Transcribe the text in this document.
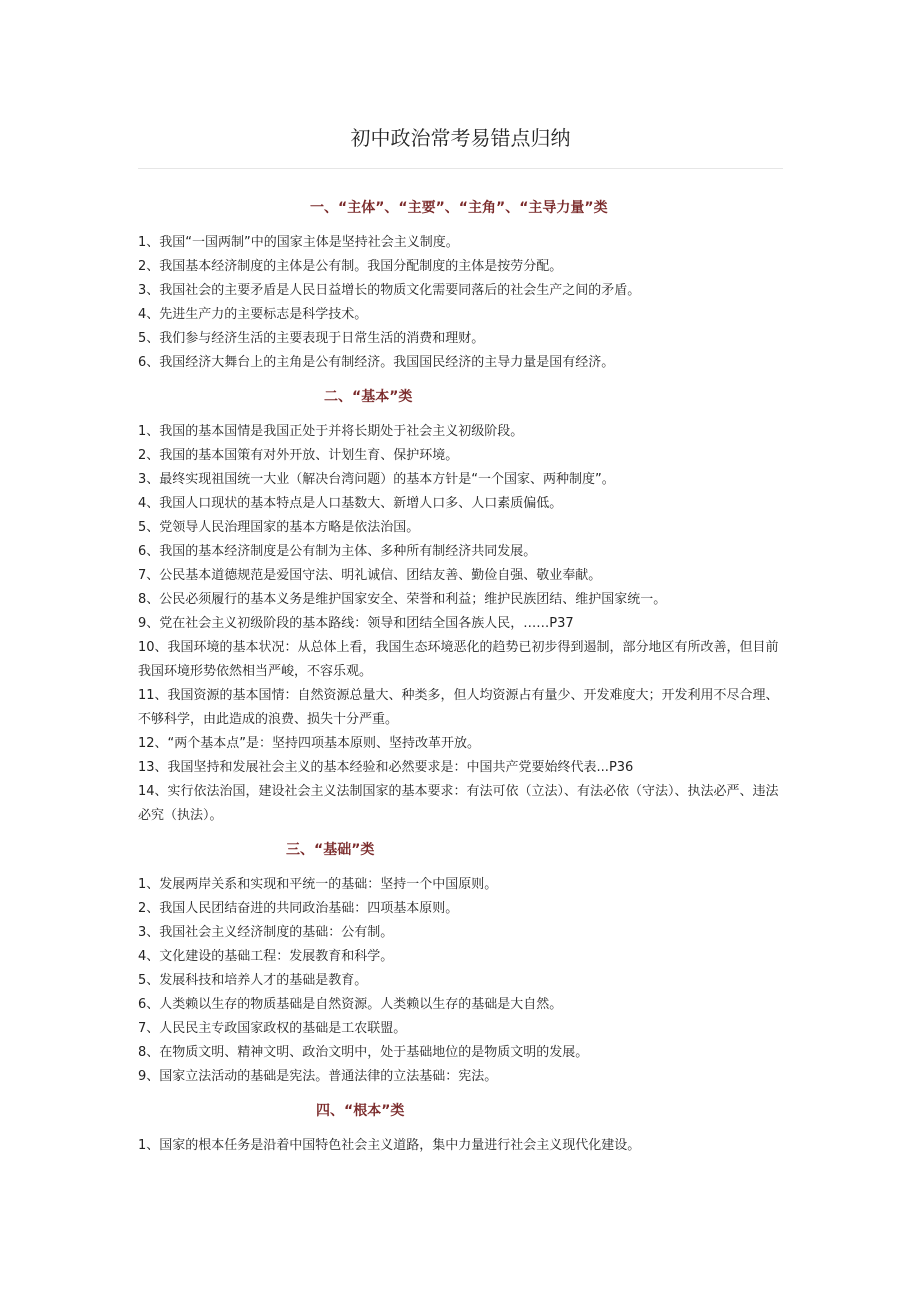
初中政治常考易错点归纳
一、“主体”、“主要”、“主角”、“主导力量”类
1、我国“一国两制”中的国家主体是坚持社会主义制度。
2、我国基本经济制度的主体是公有制。我国分配制度的主体是按劳分配。
3、我国社会的主要矛盾是人民日益增长的物质文化需要同落后的社会生产之间的矛盾。
4、先进生产力的主要标志是科学技术。
5、我们参与经济生活的主要表现于日常生活的消费和理财。
6、我国经济大舞台上的主角是公有制经济。我国国民经济的主导力量是国有经济。
二、“基本”类
1、我国的基本国情是我国正处于并将长期处于社会主义初级阶段。
2、我国的基本国策有对外开放、计划生育、保护环境。
3、最终实现祖国统一大业（解决台湾问题）的基本方针是“一个国家、两种制度”。
4、我国人口现状的基本特点是人口基数大、新增人口多、人口素质偏低。
5、党领导人民治理国家的基本方略是依法治国。
6、我国的基本经济制度是公有制为主体、多种所有制经济共同发展。
7、公民基本道德规范是爱国守法、明礼诚信、团结友善、勤俭自强、敬业奉献。
8、公民必须履行的基本义务是维护国家安全、荣誉和利益；维护民族团结、维护国家统一。
9、党在社会主义初级阶段的基本路线：领导和团结全国各族人民，……P37
10、我国环境的基本状况：从总体上看，我国生态环境恶化的趋势已初步得到遏制，部分地区有所改善，但目前我国环境形势依然相当严峻，不容乐观。
11、我国资源的基本国情：自然资源总量大、种类多，但人均资源占有量少、开发难度大；开发利用不尽合理、不够科学，由此造成的浪费、损失十分严重。
12、“两个基本点”是：坚持四项基本原则、坚持改革开放。
13、我国坚持和发展社会主义的基本经验和必然要求是：中国共产党要始终代表...P36
14、实行依法治国，建设社会主义法制国家的基本要求：有法可依（立法）、有法必依（守法）、执法必严、违法必究（执法）。
三、“基础”类
1、发展两岸关系和实现和平统一的基础：坚持一个中国原则。
2、我国人民团结奋进的共同政治基础：四项基本原则。
3、我国社会主义经济制度的基础：公有制。
4、文化建设的基础工程：发展教育和科学。
5、发展科技和培养人才的基础是教育。
6、人类赖以生存的物质基础是自然资源。人类赖以生存的基础是大自然。
7、人民民主专政国家政权的基础是工农联盟。
8、在物质文明、精神文明、政治文明中，处于基础地位的是物质文明的发展。
9、国家立法活动的基础是宪法。普通法律的立法基础：宪法。
四、“根本”类
1、国家的根本任务是沿着中国特色社会主义道路，集中力量进行社会主义现代化建设。
